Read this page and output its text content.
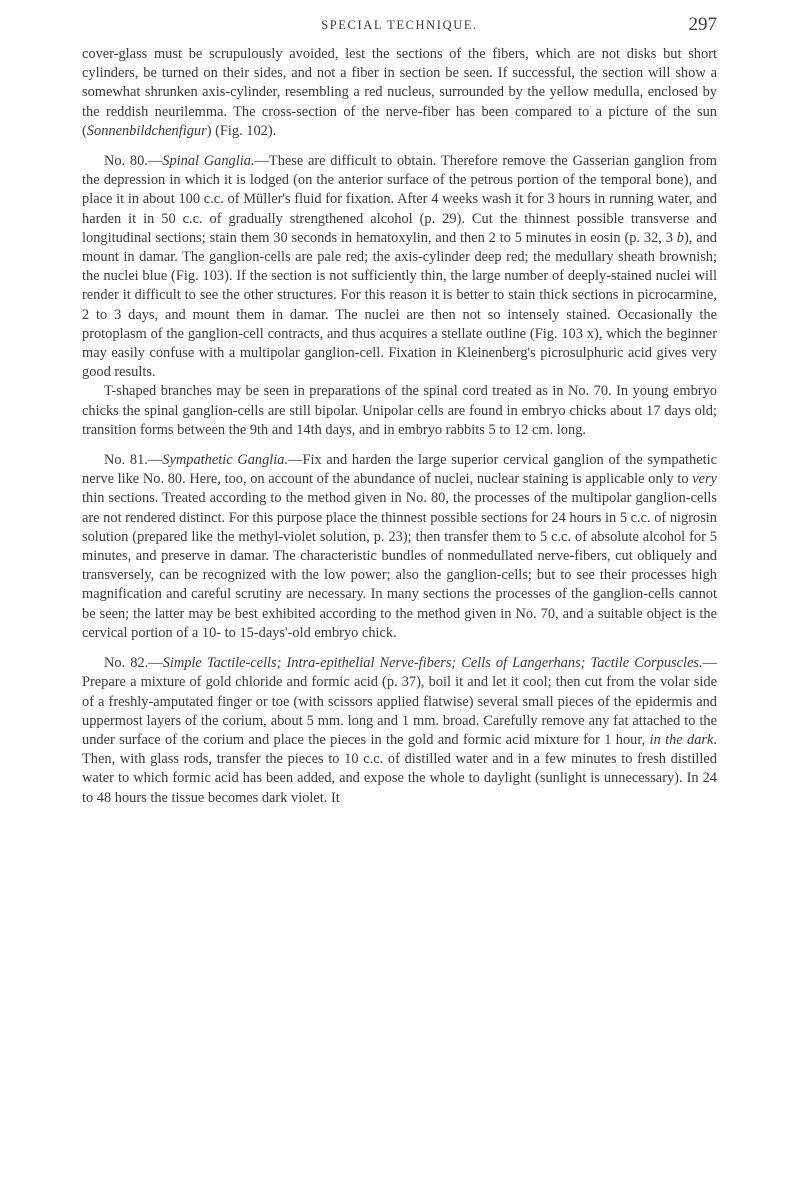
SPECIAL TECHNIQUE.	297

cover-glass must be scrupulously avoided, lest the sections of the fibers, which are not disks but short cylinders, be turned on their sides, and not a fiber in section be seen. If successful, the section will show a somewhat shrunken axis-cylinder, resembling a red nucleus, surrounded by the yellow medulla, enclosed by the reddish neurilemma. The cross-section of the nerve-fiber has been compared to a picture of the sun (Sonnenbildchenfigur) (Fig. 102).

No. 80.—Spinal Ganglia.—These are difficult to obtain. Therefore remove the Gasserian ganglion from the depression in which it is lodged (on the anterior surface of the petrous portion of the temporal bone), and place it in about 100 c.c. of Müller's fluid for fixation. After 4 weeks wash it for 3 hours in running water, and harden it in 50 c.c. of gradually strengthened alcohol (p. 29). Cut the thinnest possible transverse and longitudinal sections; stain them 30 seconds in hematoxylin, and then 2 to 5 minutes in eosin (p. 32, 3 b), and mount in damar. The ganglion-cells are pale red; the axis-cylinder deep red; the medullary sheath brownish; the nuclei blue (Fig. 103). If the section is not sufficiently thin, the large number of deeply-stained nuclei will render it difficult to see the other structures. For this reason it is better to stain thick sections in picrocarmine, 2 to 3 days, and mount them in damar. The nuclei are then not so intensely stained. Occasionally the protoplasm of the ganglion-cell contracts, and thus acquires a stellate outline (Fig. 103 x), which the beginner may easily confuse with a multipolar ganglion-cell. Fixation in Kleinenberg's picrosulphuric acid gives very good results.

T-shaped branches may be seen in preparations of the spinal cord treated as in No. 70. In young embryo chicks the spinal ganglion-cells are still bipolar. Unipolar cells are found in embryo chicks about 17 days old; transition forms between the 9th and 14th days, and in embryo rabbits 5 to 12 cm. long.

No. 81.—Sympathetic Ganglia.—Fix and harden the large superior cervical ganglion of the sympathetic nerve like No. 80. Here, too, on account of the abundance of nuclei, nuclear staining is applicable only to very thin sections. Treated according to the method given in No. 80, the processes of the multipolar ganglion-cells are not rendered distinct. For this purpose place the thinnest possible sections for 24 hours in 5 c.c. of nigrosin solution (prepared like the methyl-violet solution, p. 23); then transfer them to 5 c.c. of absolute alcohol for 5 minutes, and preserve in damar. The characteristic bundles of nonmedullated nerve-fibers, cut obliquely and transversely, can be recognized with the low power; also the ganglion-cells; but to see their processes high magnification and careful scrutiny are necessary. In many sections the processes of the ganglion-cells cannot be seen; the latter may be best exhibited according to the method given in No. 70, and a suitable object is the cervical portion of a 10- to 15-days'-old embryo chick.

No. 82.—Simple Tactile-cells; Intra-epithelial Nerve-fibers; Cells of Langerhans; Tactile Corpuscles.—Prepare a mixture of gold chloride and formic acid (p. 37), boil it and let it cool; then cut from the volar side of a freshly-amputated finger or toe (with scissors applied flatwise) several small pieces of the epidermis and uppermost layers of the corium, about 5 mm. long and 1 mm. broad. Carefully remove any fat attached to the under surface of the corium and place the pieces in the gold and formic acid mixture for 1 hour, in the dark. Then, with glass rods, transfer the pieces to 10 c.c. of distilled water and in a few minutes to fresh distilled water to which formic acid has been added, and expose the whole to daylight (sunlight is unnecessary). In 24 to 48 hours the tissue becomes dark violet. It
